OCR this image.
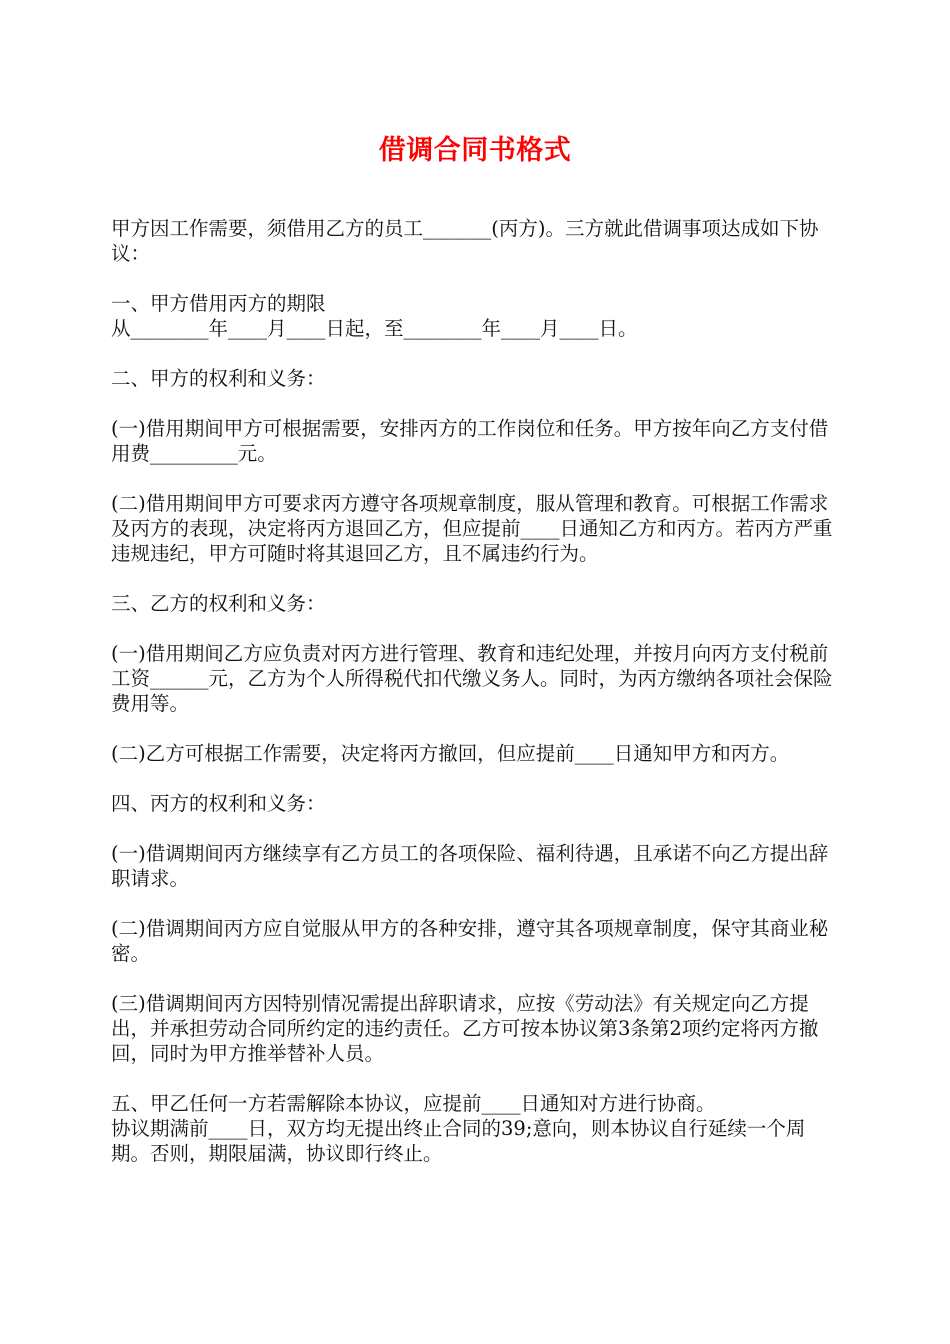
借调合同书格式

甲方因工作需要，须借用乙方的员工_______(丙方)。三方就此借调事项达成如下协议：

一、甲方借用丙方的期限

从________年____月____日起，至________年____月____日。

二、甲方的权利和义务：

(一)借用期间甲方可根据需要，安排丙方的工作岗位和任务。甲方按年向乙方支付借用费_________元。

(二)借用期间甲方可要求丙方遵守各项规章制度，服从管理和教育。可根据工作需求及丙方的表现，决定将丙方退回乙方，但应提前____日通知乙方和丙方。若丙方严重违规违纪，甲方可随时将其退回乙方，且不属违约行为。

三、乙方的权利和义务：

(一)借用期间乙方应负责对丙方进行管理、教育和违纪处理，并按月向丙方支付税前工资______元，乙方为个人所得税代扣代缴义务人。同时，为丙方缴纳各项社会保险费用等。

(二)乙方可根据工作需要，决定将丙方撤回，但应提前____日通知甲方和丙方。

四、丙方的权利和义务：

(一)借调期间丙方继续享有乙方员工的各项保险、福利待遇，且承诺不向乙方提出辞职请求。

(二)借调期间丙方应自觉服从甲方的各种安排，遵守其各项规章制度，保守其商业秘密。

(三)借调期间丙方因特别情况需提出辞职请求，应按《劳动法》有关规定向乙方提出，并承担劳动合同所约定的违约责任。乙方可按本协议第3条第2项约定将丙方撤回，同时为甲方推举替补人员。

五、甲乙任何一方若需解除本协议，应提前____日通知对方进行协商。

协议期满前____日，双方均无提出终止合同的39;意向，则本协议自行延续一个周期。否则，期限届满，协议即行终止。
